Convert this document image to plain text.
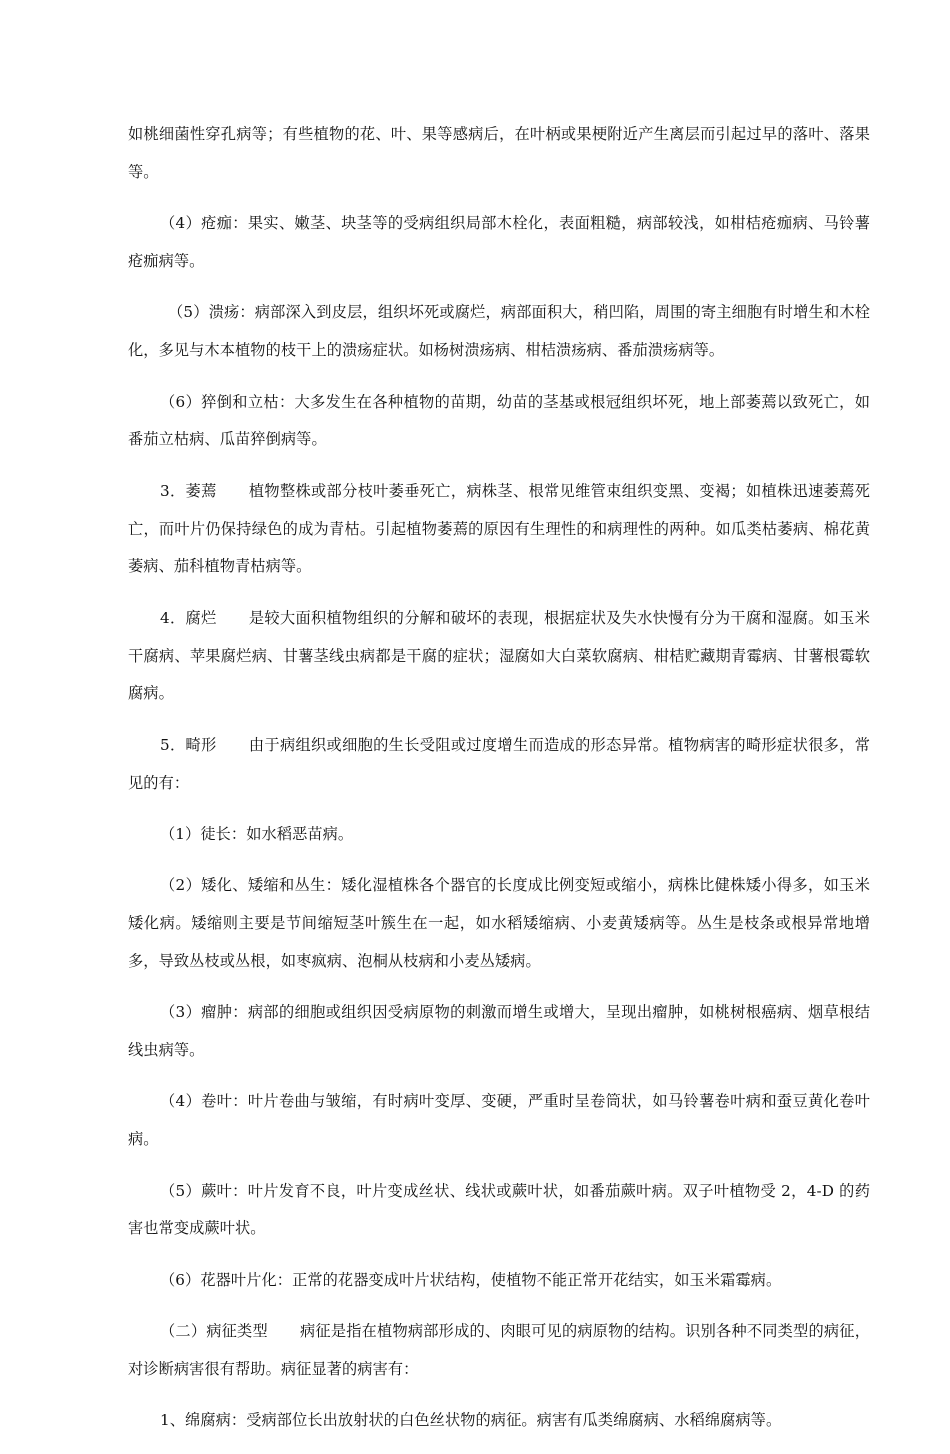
如桃细菌性穿孔病等；有些植物的花、叶、果等感病后，在叶柄或果梗附近产生离层而引起过早的落叶、落果等。

（4）疮痂：果实、嫩茎、块茎等的受病组织局部木栓化，表面粗糙，病部较浅，如柑桔疮痂病、马铃薯疮痂病等。

（5）溃疡：病部深入到皮层，组织坏死或腐烂，病部面积大，稍凹陷，周围的寄主细胞有时增生和木栓化，多见与木本植物的枝干上的溃疡症状。如杨树溃疡病、柑桔溃疡病、番茄溃疡病等。

（6）猝倒和立枯：大多发生在各种植物的苗期，幼苗的茎基或根冠组织坏死，地上部萎蔫以致死亡，如番茄立枯病、瓜苗猝倒病等。

3．萎蔫 植物整株或部分枝叶萎垂死亡，病株茎、根常见维管束组织变黑、变褐；如植株迅速萎蔫死亡，而叶片仍保持绿色的成为青枯。引起植物萎蔫的原因有生理性的和病理性的两种。如瓜类枯萎病、棉花黄萎病、茄科植物青枯病等。

4．腐烂 是较大面积植物组织的分解和破坏的表现，根据症状及失水快慢有分为干腐和湿腐。如玉米干腐病、苹果腐烂病、甘薯茎线虫病都是干腐的症状；湿腐如大白菜软腐病、柑桔贮藏期青霉病、甘薯根霉软腐病。

5．畸形 由于病组织或细胞的生长受阻或过度增生而造成的形态异常。植物病害的畸形症状很多，常见的有：

（1）徒长：如水稻恶苗病。

（2）矮化、矮缩和丛生：矮化湿植株各个器官的长度成比例变短或缩小，病株比健株矮小得多，如玉米矮化病。矮缩则主要是节间缩短茎叶簇生在一起，如水稻矮缩病、小麦黄矮病等。丛生是枝条或根异常地增多，导致丛枝或丛根，如枣疯病、泡桐从枝病和小麦丛矮病。

（3）瘤肿：病部的细胞或组织因受病原物的刺激而增生或增大，呈现出瘤肿，如桃树根癌病、烟草根结线虫病等。

（4）卷叶：叶片卷曲与皱缩，有时病叶变厚、变硬，严重时呈卷筒状，如马铃薯卷叶病和蚕豆黄化卷叶病。

（5）蕨叶：叶片发育不良，叶片变成丝状、线状或蕨叶状，如番茄蕨叶病。双子叶植物受 2，4-D 的药害也常变成蕨叶状。

（6）花器叶片化：正常的花器变成叶片状结构，使植物不能正常开花结实，如玉米霜霉病。

（二）病征类型 病征是指在植物病部形成的、肉眼可见的病原物的结构。识别各种不同类型的病征，对诊断病害很有帮助。病征显著的病害有：

1、绵腐病：受病部位长出放射状的白色丝状物的病征。病害有瓜类绵腐病、水稻绵腐病等。
